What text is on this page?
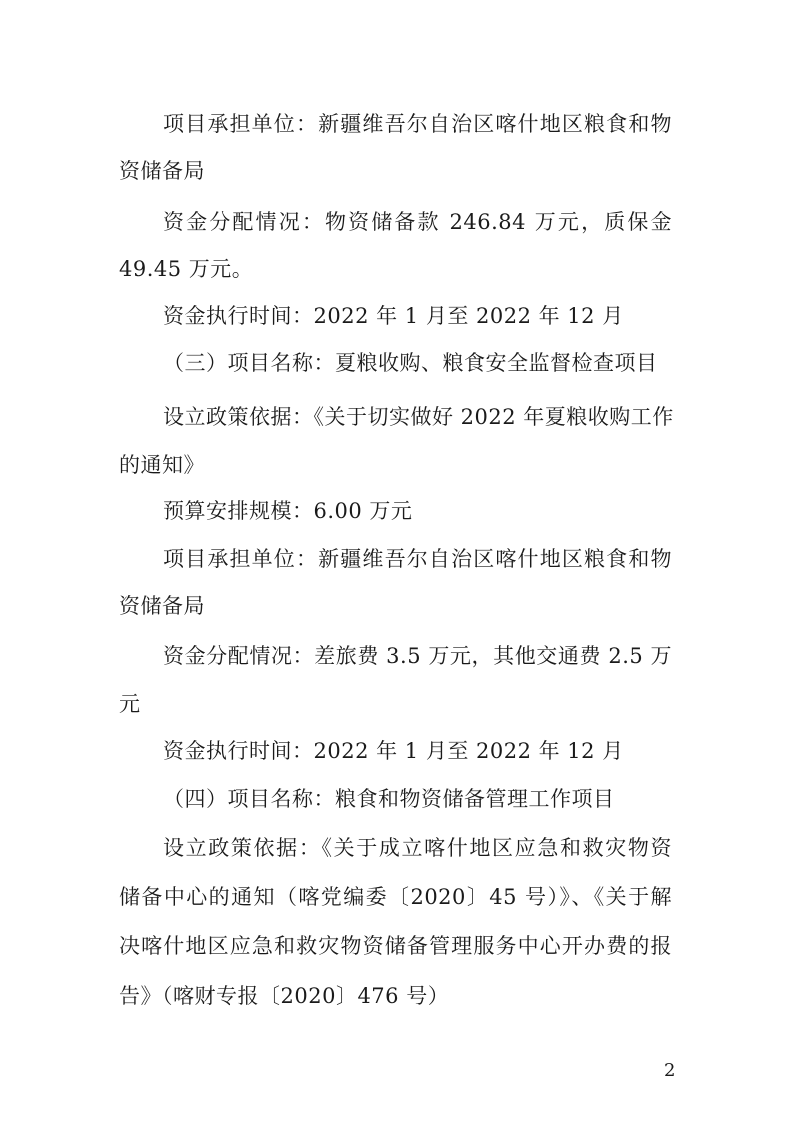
项目承担单位：新疆维吾尔自治区喀什地区粮食和物
资储备局
资金分配情况：物资储备款 246.84 万元，质保金
49.45 万元。
资金执行时间：2022 年 1 月至 2022 年 12 月
（三）项目名称：夏粮收购、粮食安全监督检查项目
设立政策依据：《关于切实做好 2022 年夏粮收购工作
的通知》
预算安排规模：6.00 万元
项目承担单位：新疆维吾尔自治区喀什地区粮食和物
资储备局
资金分配情况：差旅费 3.5 万元，其他交通费 2.5 万
元
资金执行时间：2022 年 1 月至 2022 年 12 月
（四）项目名称：粮食和物资储备管理工作项目
设立政策依据：《关于成立喀什地区应急和救灾物资
储备中心的通知（喀党编委〔2020〕45 号）》、《关于解
决喀什地区应急和救灾物资储备管理服务中心开办费的报
告》（喀财专报〔2020〕476 号）
2
